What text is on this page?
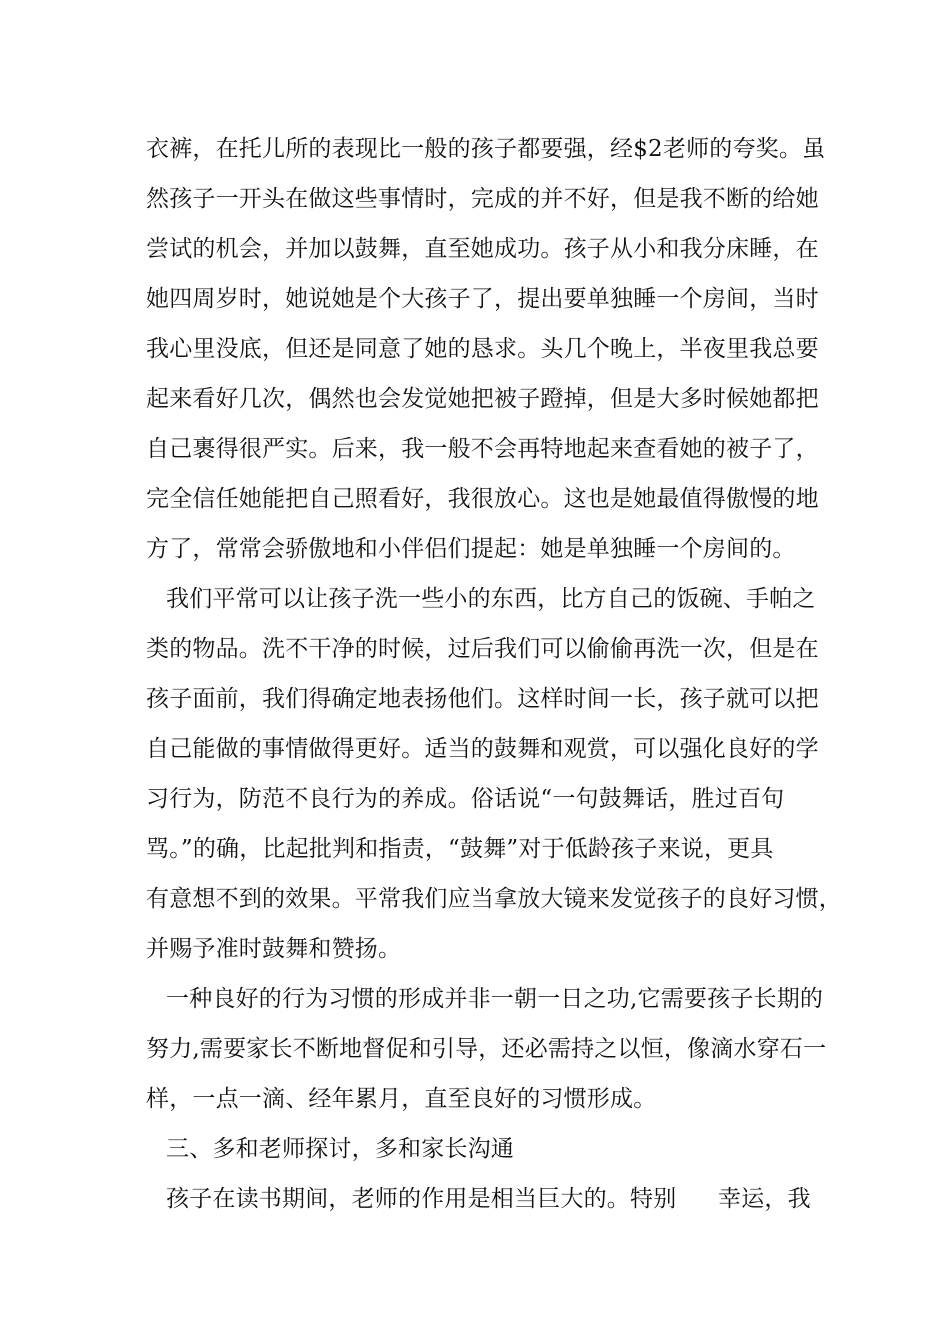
衣裤，在托儿所的表现比一般的孩子都要强，经$2老师的夸奖。虽
然孩子一开头在做这些事情时，完成的并不好，但是我不断的给她
尝试的机会，并加以鼓舞，直至她成功。孩子从小和我分床睡，在
她四周岁时，她说她是个大孩子了，提出要单独睡一个房间，当时
我心里没底，但还是同意了她的恳求。头几个晚上，半夜里我总要
起来看好几次，偶然也会发觉她把被子蹬掉，但是大多时候她都把
自己裹得很严实。后来，我一般不会再特地起来查看她的被子了，
完全信任她能把自己照看好，我很放心。这也是她最值得傲慢的地
方了，常常会骄傲地和小伴侣们提起：她是单独睡一个房间的。
我们平常可以让孩子洗一些小的东西，比方自己的饭碗、手帕之
类的物品。洗不干净的时候，过后我们可以偷偷再洗一次，但是在
孩子面前，我们得确定地表扬他们。这样时间一长，孩子就可以把
自己能做的事情做得更好。适当的鼓舞和观赏，可以强化良好的学
习行为，防范不良行为的养成。俗话说“一句鼓舞话，胜过百句
骂。”的确，比起批判和指责，“鼓舞”对于低龄孩子来说，更具
有意想不到的效果。平常我们应当拿放大镜来发觉孩子的良好习惯，
并赐予准时鼓舞和赞扬。
一种良好的行为习惯的形成并非一朝一日之功,它需要孩子长期的
努力,需要家长不断地督促和引导，还必需持之以恒，像滴水穿石一
样，一点一滴、经年累月，直至良好的习惯形成。
三、多和老师探讨，多和家长沟通
孩子在读书期间，老师的作用是相当巨大的。特别 幸运，我
